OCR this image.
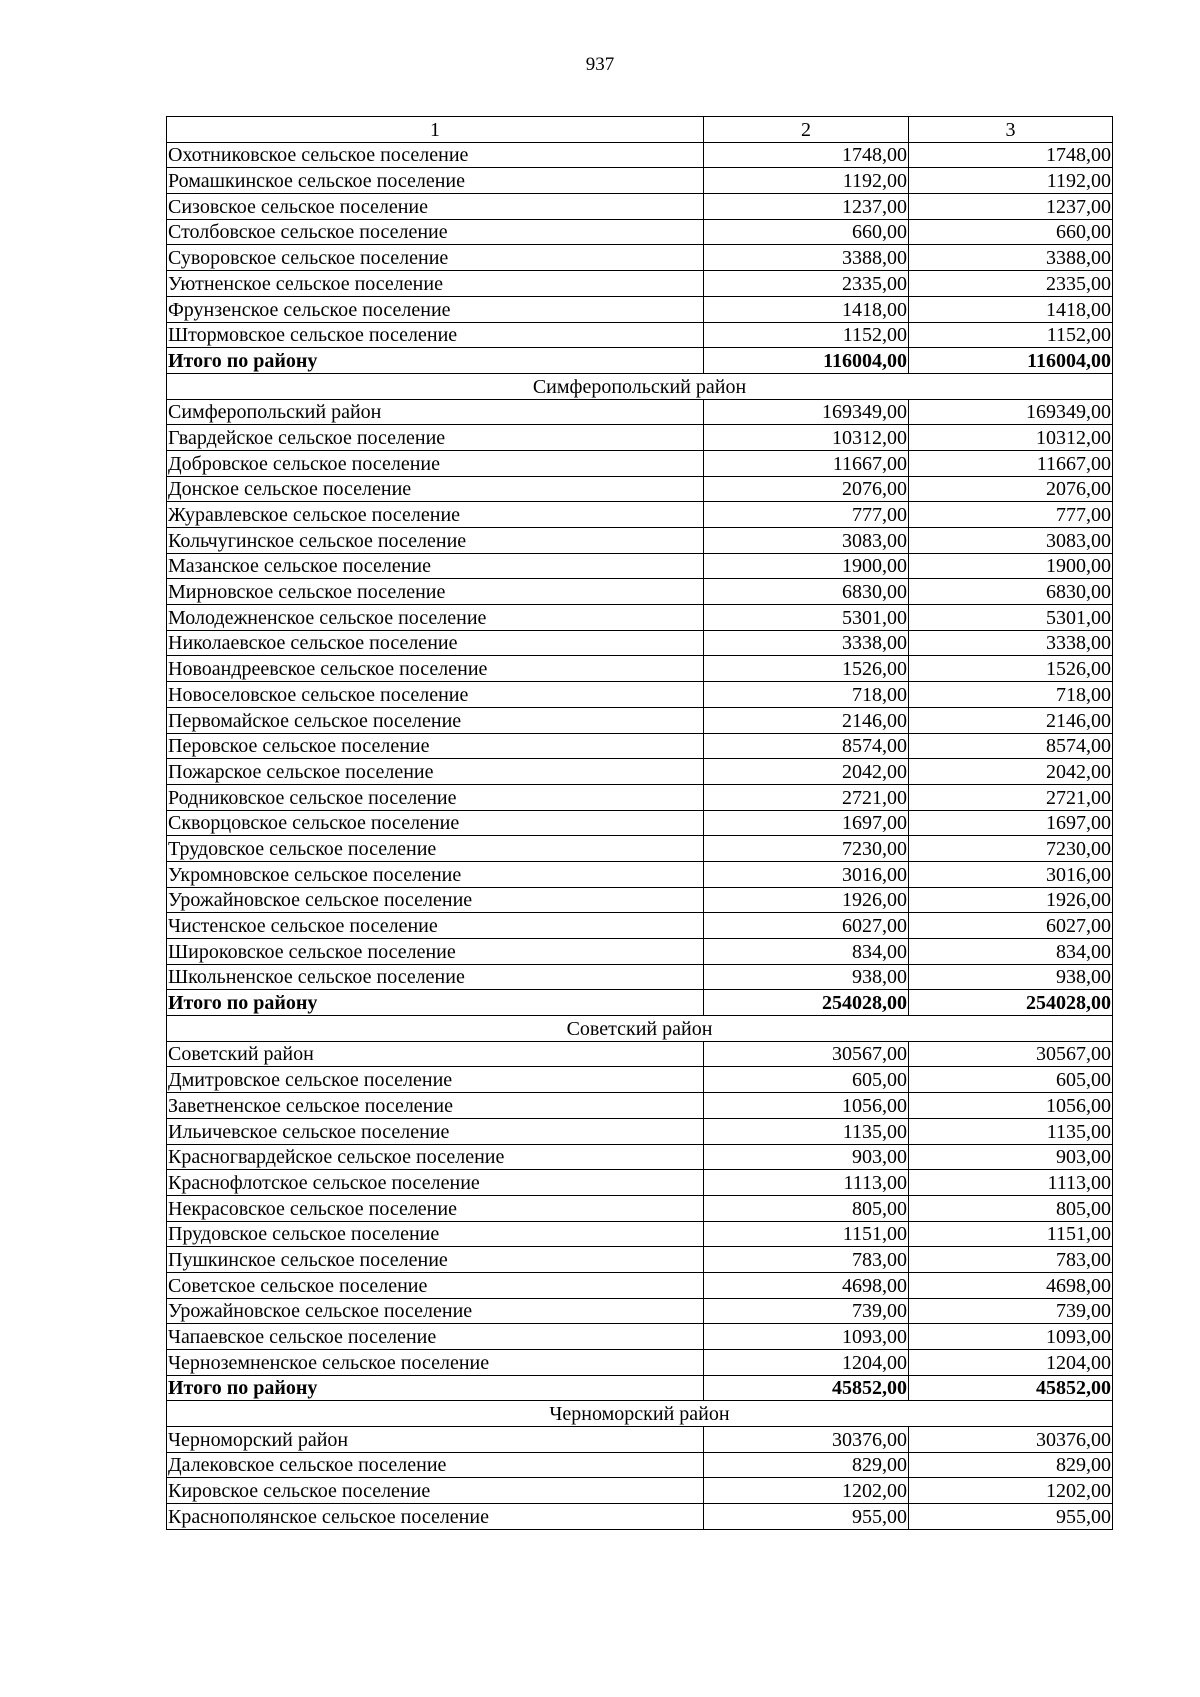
937
1	2	3
Охотниковское сельское поселение	1748,00	1748,00
Ромашкинское сельское поселение	1192,00	1192,00
Сизовское сельское поселение	1237,00	1237,00
Столбовское сельское поселение	660,00	660,00
Суворовское сельское поселение	3388,00	3388,00
Уютненское сельское поселение	2335,00	2335,00
Фрунзенское сельское поселение	1418,00	1418,00
Штормовское сельское поселение	1152,00	1152,00
Итого по району	116004,00	116004,00
Симферопольский район		
Симферопольский район	169349,00	169349,00
Гвардейское сельское поселение	10312,00	10312,00
Добровское сельское поселение	11667,00	11667,00
Донское сельское поселение	2076,00	2076,00
Журавлевское сельское поселение	777,00	777,00
Кольчугинское сельское поселение	3083,00	3083,00
Мазанское сельское поселение	1900,00	1900,00
Мирновское сельское поселение	6830,00	6830,00
Молодежненское сельское поселение	5301,00	5301,00
Николаевское сельское поселение	3338,00	3338,00
Новоандреевское сельское поселение	1526,00	1526,00
Новоселовское сельское поселение	718,00	718,00
Первомайское сельское поселение	2146,00	2146,00
Перовское сельское поселение	8574,00	8574,00
Пожарское сельское поселение	2042,00	2042,00
Родниковское сельское поселение	2721,00	2721,00
Скворцовское сельское поселение	1697,00	1697,00
Трудовское сельское поселение	7230,00	7230,00
Укромновское сельское поселение	3016,00	3016,00
Урожайновское сельское поселение	1926,00	1926,00
Чистенское сельское поселение	6027,00	6027,00
Широковское сельское поселение	834,00	834,00
Школьненское сельское поселение	938,00	938,00
Итого по району	254028,00	254028,00
Советский район		
Советский район	30567,00	30567,00
Дмитровское сельское поселение	605,00	605,00
Заветненское сельское поселение	1056,00	1056,00
Ильичевское сельское поселение	1135,00	1135,00
Красногвардейское сельское поселение	903,00	903,00
Краснофлотское сельское поселение	1113,00	1113,00
Некрасовское сельское поселение	805,00	805,00
Прудовское сельское поселение	1151,00	1151,00
Пушкинское сельское поселение	783,00	783,00
Советское сельское поселение	4698,00	4698,00
Урожайновское сельское поселение	739,00	739,00
Чапаевское сельское поселение	1093,00	1093,00
Черноземненское сельское поселение	1204,00	1204,00
Итого по району	45852,00	45852,00
Черноморский район		
Черноморский район	30376,00	30376,00
Далековское сельское поселение	829,00	829,00
Кировское сельское поселение	1202,00	1202,00
Краснополянское сельское поселение	955,00	955,00
